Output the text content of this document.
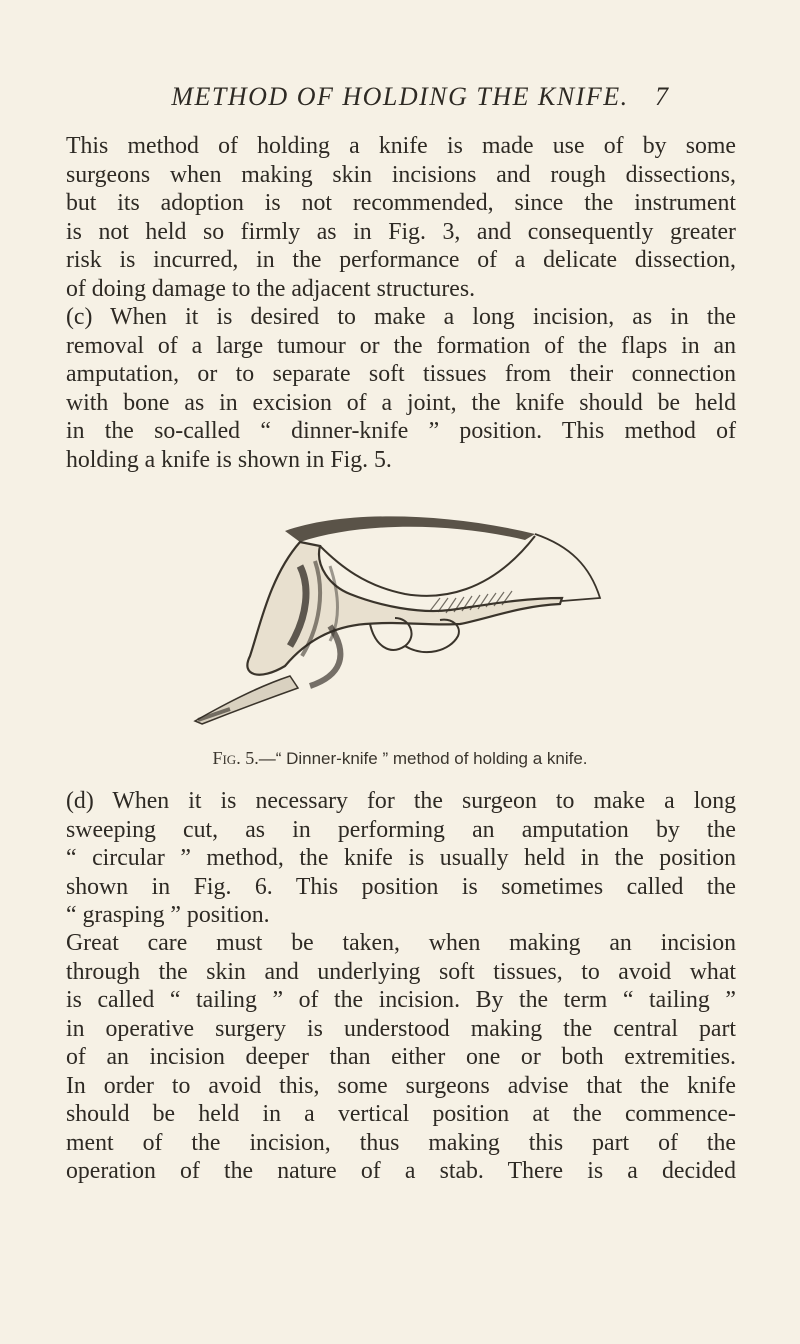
METHOD OF HOLDING THE KNIFE.	7

This method of holding a knife is made use of by some
surgeons when making skin incisions and rough dissections,
but its adoption is not recommended, since the instrument
is not held so firmly as in Fig. 3, and consequently greater
risk is incurred, in the performance of a delicate dissection,
of doing damage to the adjacent structures.

(c) When it is desired to make a long incision, as in the
removal of a large tumour or the formation of the flaps in an
amputation, or to separate soft tissues from their connection
with bone as in excision of a joint, the knife should be held
in the so-called “ dinner-knife ” position. This method of
holding a knife is shown in Fig. 5.

Fig. 5.—“ Dinner-knife ” method of holding a knife.

(d) When it is necessary for the surgeon to make a long
sweeping cut, as in performing an amputation by the
“ circular ” method, the knife is usually held in the position
shown in Fig. 6. This position is sometimes called the
“ grasping ” position.

Great care must be taken, when making an incision
through the skin and underlying soft tissues, to avoid what
is called “ tailing ” of the incision. By the term “ tailing ”
in operative surgery is understood making the central part
of an incision deeper than either one or both extremities.
In order to avoid this, some surgeons advise that the knife
should be held in a vertical position at the commence-
ment of the incision, thus making this part of the
operation of the nature of a stab. There is a decided
